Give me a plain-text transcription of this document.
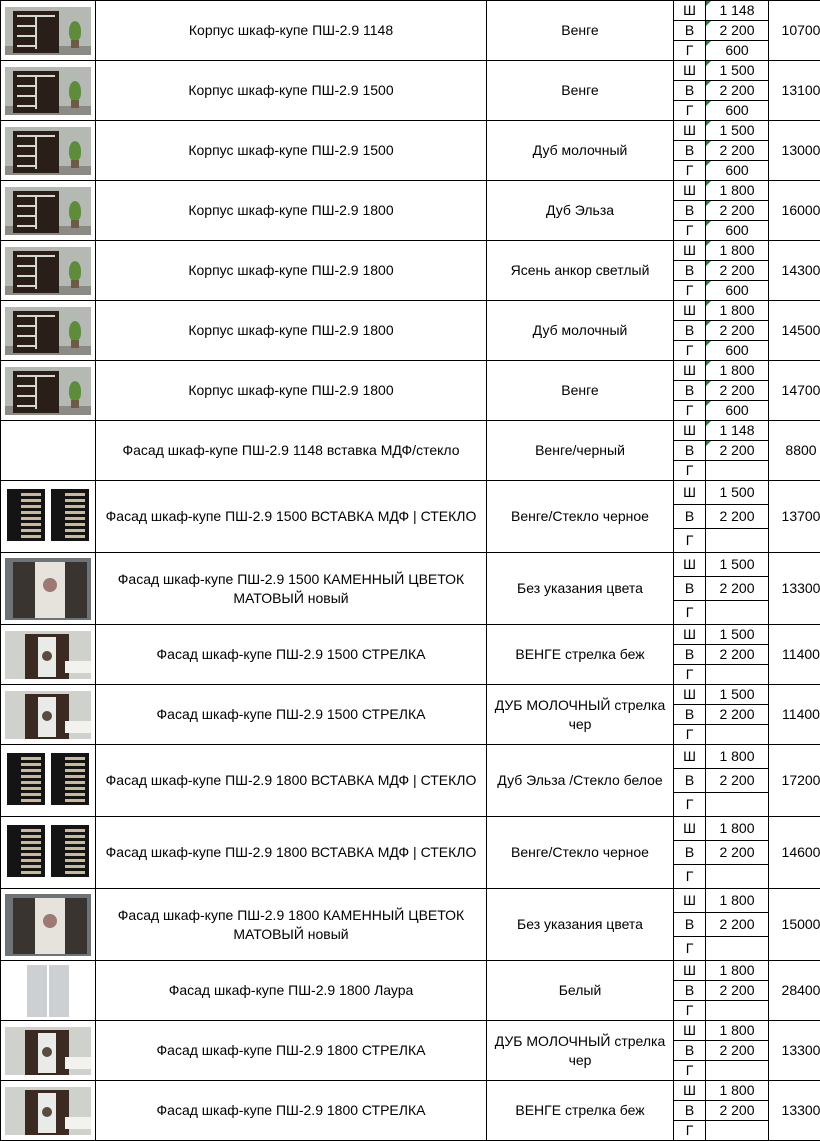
	Корпус шкаф-купе ПШ-2.9 1148	Венге	Ш	1 148	10700
			В	2 200	
			Г	600	

	Корпус шкаф-купе ПШ-2.9 1500	Венге	Ш	1 500	13100
			В	2 200	
			Г	600	

	Корпус шкаф-купе ПШ-2.9 1500	Дуб молочный	Ш	1 500	13000
			В	2 200	
			Г	600	

	Корпус шкаф-купе ПШ-2.9 1800	Дуб Эльза	Ш	1 800	16000
			В	2 200	
			Г	600	

	Корпус шкаф-купе ПШ-2.9 1800	Ясень анкор светлый	Ш	1 800	14300
			В	2 200	
			Г	600	

	Корпус шкаф-купе ПШ-2.9 1800	Дуб молочный	Ш	1 800	14500
			В	2 200	
			Г	600	

	Корпус шкаф-купе ПШ-2.9 1800	Венге	Ш	1 800	14700
			В	2 200	
			Г	600	
	Фасад шкаф-купе ПШ-2.9 1148 вставка МДФ/стекло	Венге/черный	Ш	1 148	8800
			В	2 200	
			Г		

	Фасад шкаф-купе ПШ-2.9 1500 ВСТАВКА МДФ | СТЕКЛО	Венге/Стекло черное	Ш	1 500	13700
			В	2 200	
			Г		

	Фасад шкаф-купе ПШ-2.9 1500 КАМЕННЫЙ ЦВЕТОК МАТОВЫЙ новый	Без указания цвета	Ш	1 500	13300
			В	2 200	
			Г		

	Фасад шкаф-купе ПШ-2.9 1500 СТРЕЛКА	ВЕНГЕ стрелка беж	Ш	1 500	11400
			В	2 200	
			Г		

	Фасад шкаф-купе ПШ-2.9 1500 СТРЕЛКА	ДУБ МОЛОЧНЫЙ стрелка чер	Ш	1 500	11400
			В	2 200	
			Г		

	Фасад шкаф-купе ПШ-2.9 1800 ВСТАВКА МДФ | СТЕКЛО	Дуб Эльза /Стекло белое	Ш	1 800	17200
			В	2 200	
			Г		

	Фасад шкаф-купе ПШ-2.9 1800 ВСТАВКА МДФ | СТЕКЛО	Венге/Стекло черное	Ш	1 800	14600
			В	2 200	
			Г		

	Фасад шкаф-купе ПШ-2.9 1800 КАМЕННЫЙ ЦВЕТОК МАТОВЫЙ новый	Без указания цвета	Ш	1 800	15000
			В	2 200	
			Г		

	Фасад шкаф-купе ПШ-2.9 1800 Лаура	Белый	Ш	1 800	28400
			В	2 200	
			Г		

	Фасад шкаф-купе ПШ-2.9 1800 СТРЕЛКА	ДУБ МОЛОЧНЫЙ стрелка чер	Ш	1 800	13300
			В	2 200	
			Г		

	Фасад шкаф-купе ПШ-2.9 1800 СТРЕЛКА	ВЕНГЕ стрелка беж	Ш	1 800	13300
			В	2 200	
			Г		
